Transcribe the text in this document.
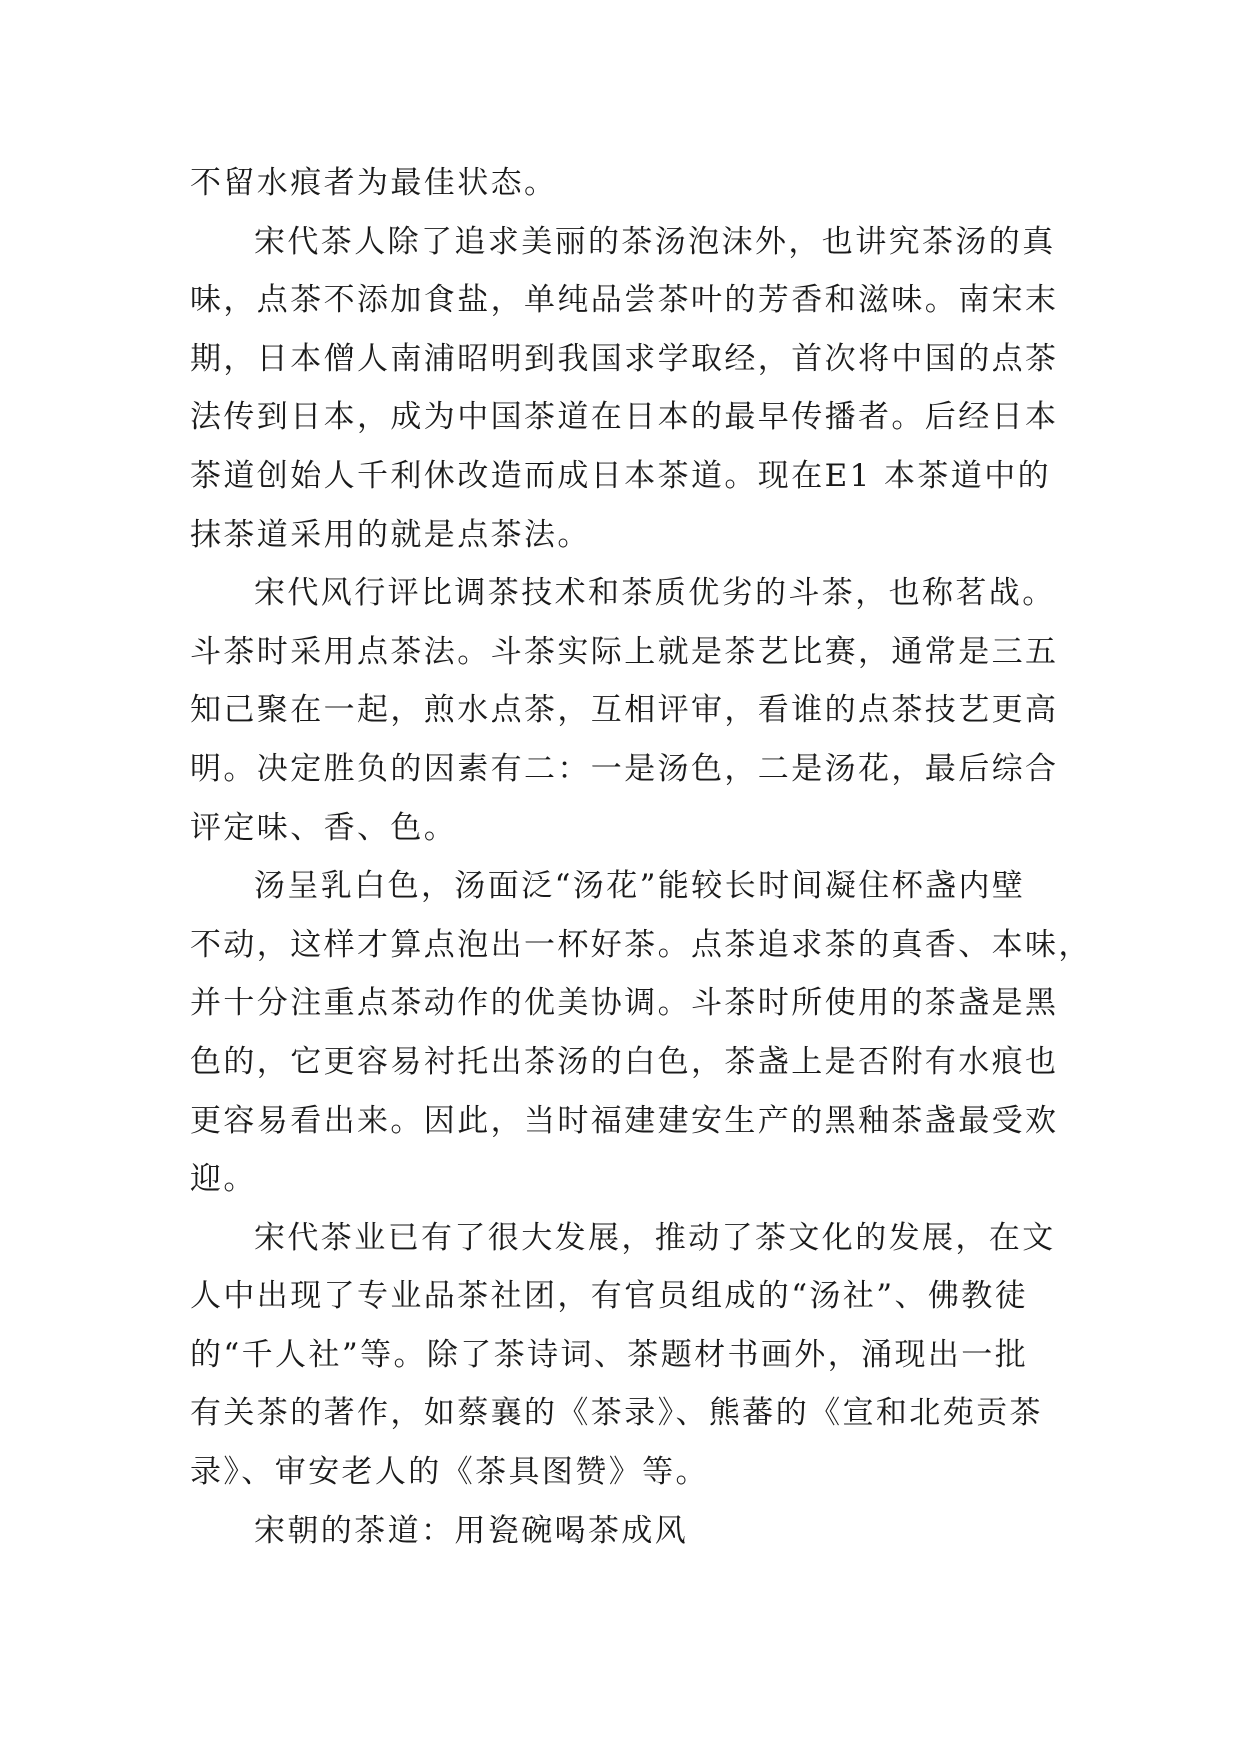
不留水痕者为最佳状态。
宋代茶人除了追求美丽的茶汤泡沫外，也讲究茶汤的真
味，点茶不添加食盐，单纯品尝茶叶的芳香和滋味。南宋末
期，日本僧人南浦昭明到我国求学取经，首次将中国的点茶
法传到日本，成为中国茶道在日本的最早传播者。后经日本
茶道创始人千利休改造而成日本茶道。现在E1 本茶道中的
抹茶道采用的就是点茶法。
宋代风行评比调茶技术和茶质优劣的斗茶，也称茗战。
斗茶时采用点茶法。斗茶实际上就是茶艺比赛，通常是三五
知己聚在一起，煎水点茶，互相评审，看谁的点茶技艺更高
明。决定胜负的因素有二：一是汤色，二是汤花，最后综合
评定味、香、色。
汤呈乳白色，汤面泛“汤花”能较长时间凝住杯盏内壁
不动，这样才算点泡出一杯好茶。点茶追求茶的真香、本味，
并十分注重点茶动作的优美协调。斗茶时所使用的茶盏是黑
色的，它更容易衬托出茶汤的白色，茶盏上是否附有水痕也
更容易看出来。因此，当时福建建安生产的黑釉茶盏最受欢
迎。
宋代茶业已有了很大发展，推动了茶文化的发展，在文
人中出现了专业品茶社团，有官员组成的“汤社”、佛教徒
的“千人社”等。除了茶诗词、茶题材书画外，涌现出一批
有关茶的著作，如蔡襄的《茶录》、熊蕃的《宣和北苑贡茶
录》、审安老人的《茶具图赞》等。
宋朝的茶道：用瓷碗喝茶成风
